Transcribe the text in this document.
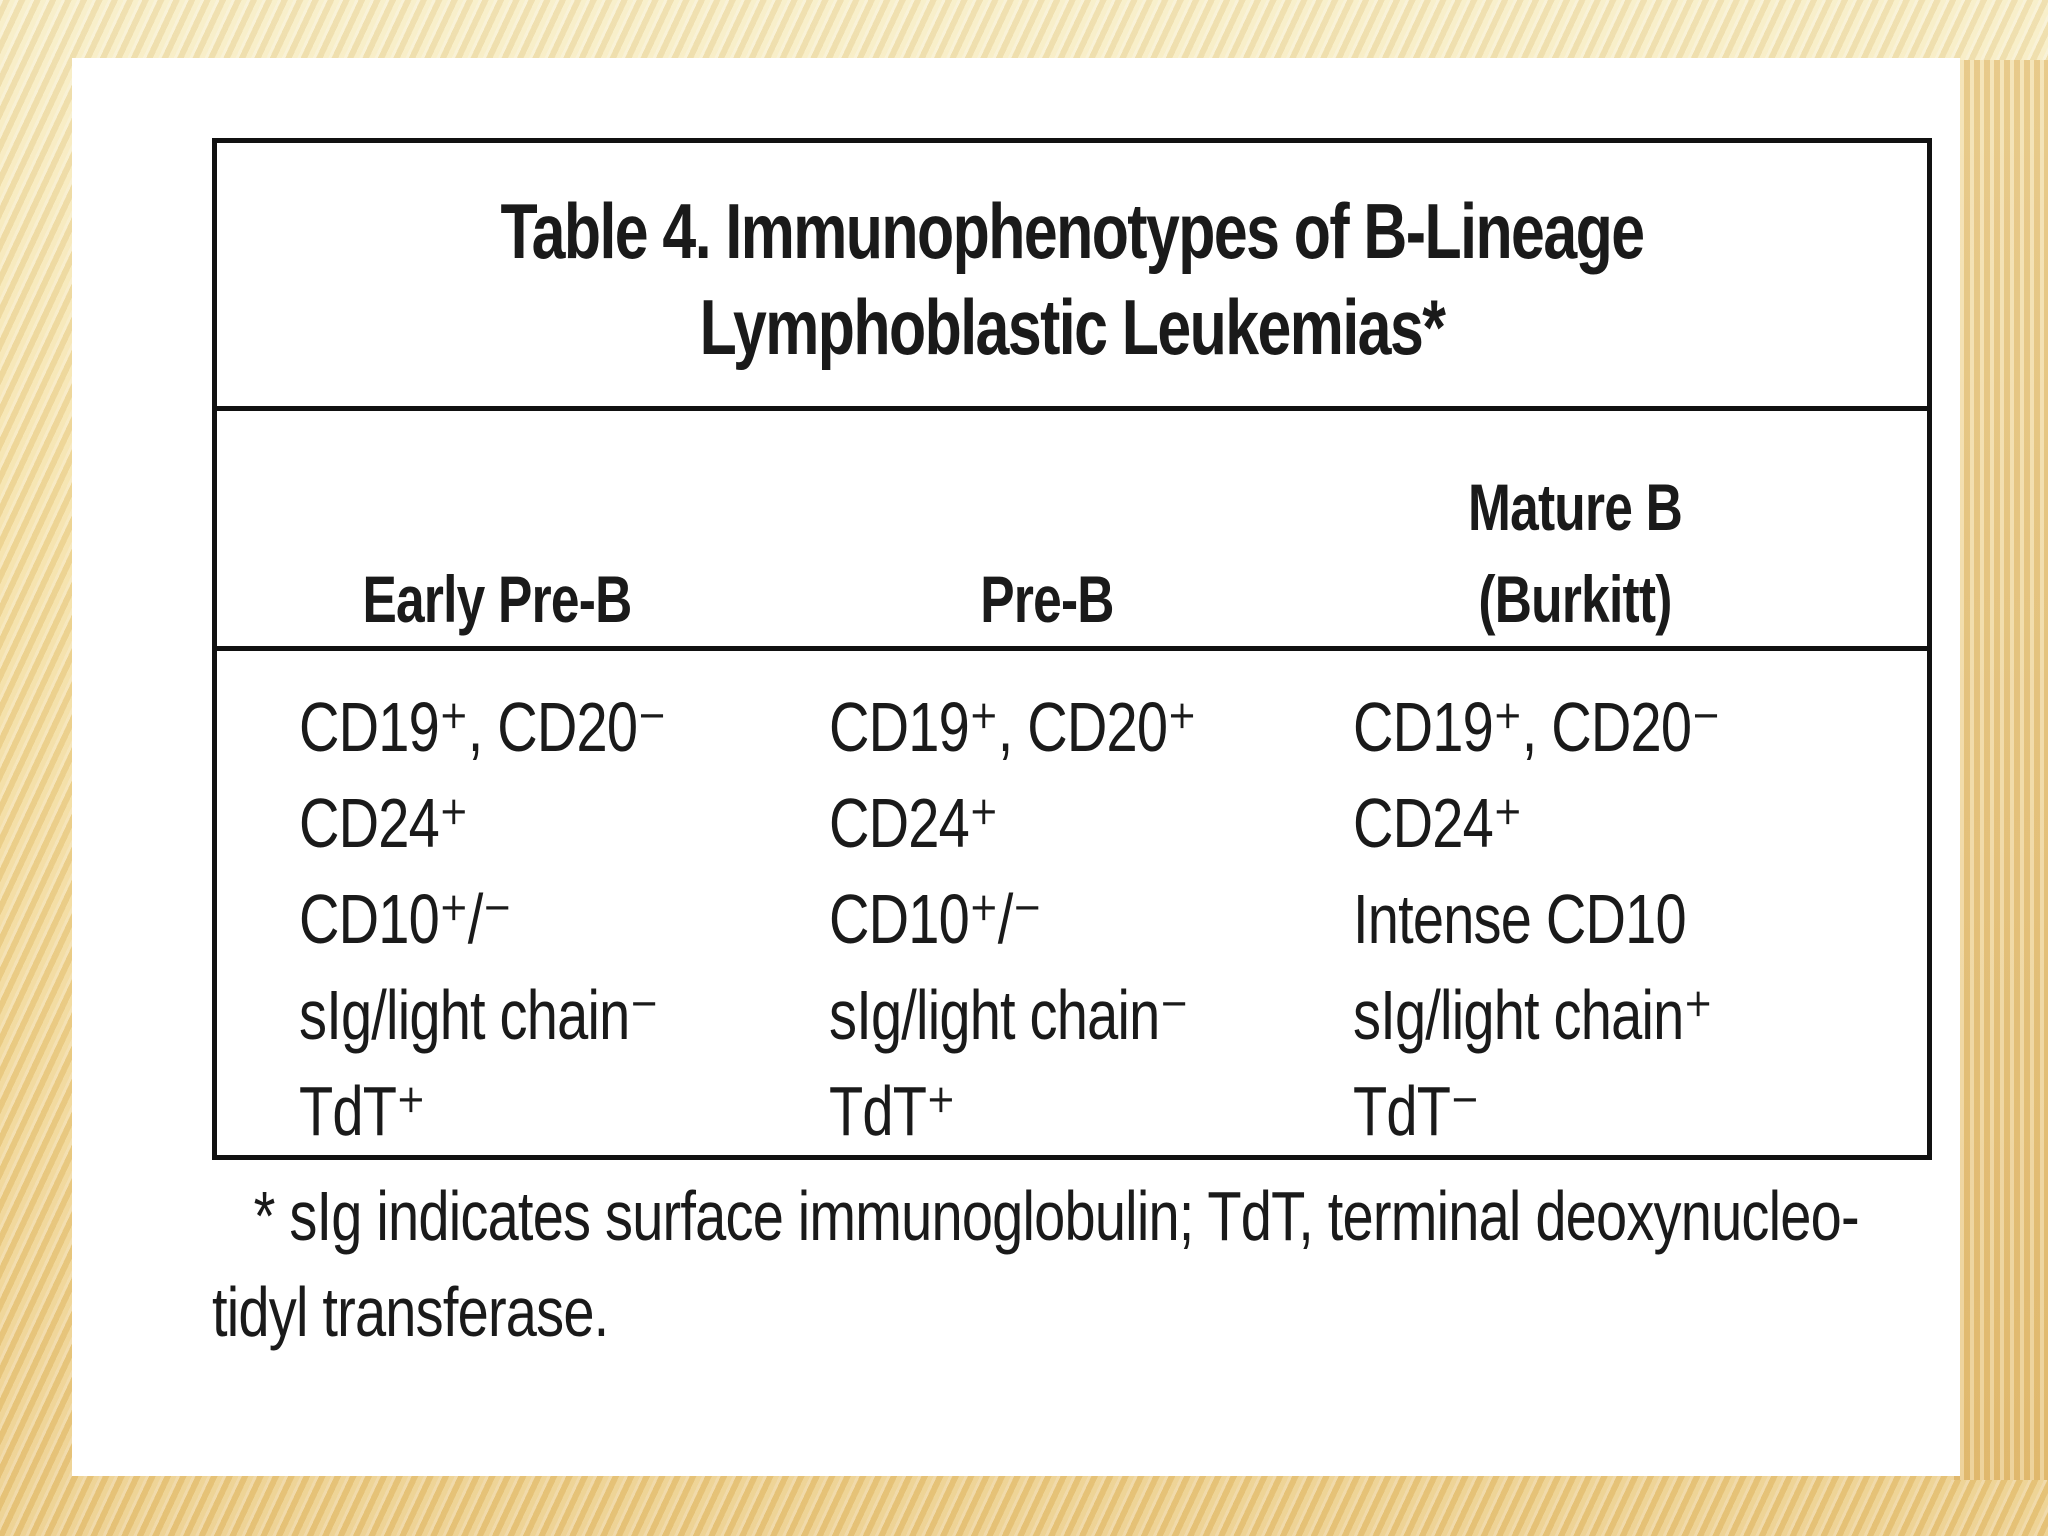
Table 4. Immunophenotypes of B-Lineage
Lymphoblastic Leukemias*

Early Pre-B
	Pre-B
Mature B
(Burkitt)
CD19⁺, CD20⁻
CD24⁺
CD10⁺/⁻
sIg/light chain⁻
TdT⁺
CD19⁺, CD20⁺
CD24⁺
CD10⁺/⁻
sIg/light chain⁻
TdT⁺
CD19⁺, CD20⁻
CD24⁺
Intense CD10
sIg/light chain⁺
TdT⁻
* sIg indicates surface immunoglobulin; TdT, terminal deoxynucleo-
tidyl transferase.
